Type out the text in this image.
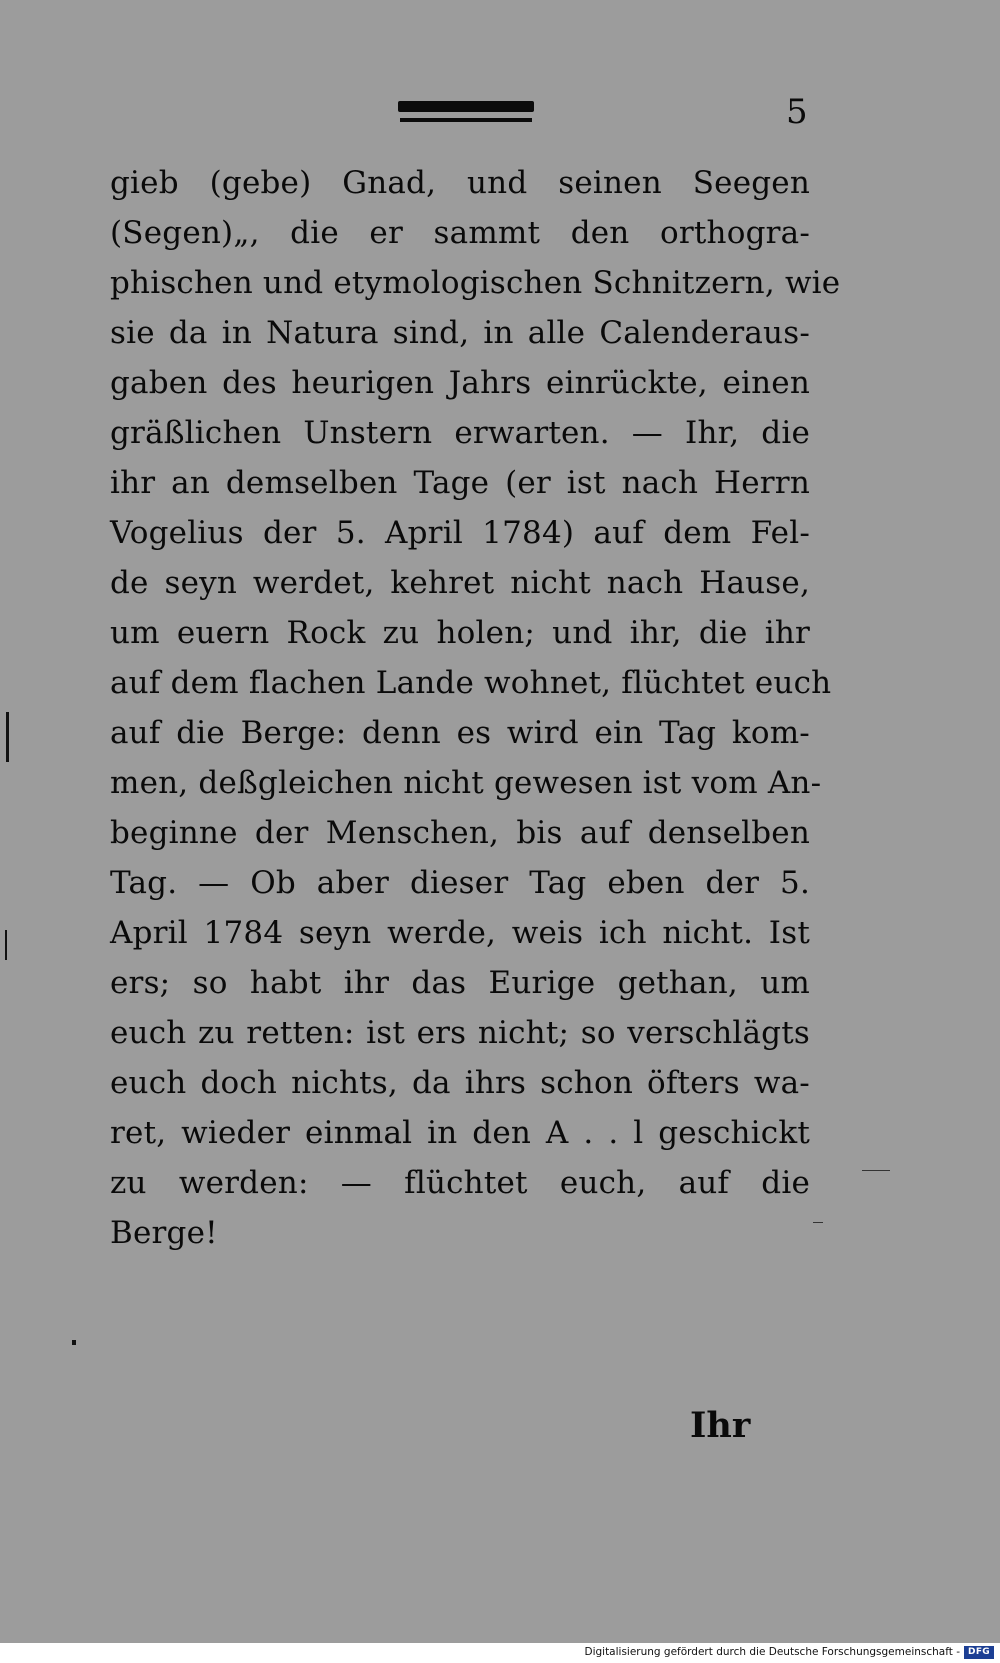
5
gieb (gebe) Gnad, und seinen Seegen
(Segen)„, die er sammt den orthogra-
phischen und etymologischen Schnitzern, wie
sie da in Natura sind, in alle Calenderaus-
gaben des heurigen Jahrs einrückte, einen
gräßlichen Unstern erwarten. — Ihr, die
ihr an demselben Tage (er ist nach Herrn
Vogelius der 5. April 1784) auf dem Fel-
de seyn werdet, kehret nicht nach Hause,
um euern Rock zu holen; und ihr, die ihr
auf dem flachen Lande wohnet, flüchtet euch
auf die Berge: denn es wird ein Tag kom-
men, deßgleichen nicht gewesen ist vom An-
beginne der Menschen, bis auf denselben
Tag. — Ob aber dieser Tag eben der 5.
April 1784 seyn werde, weis ich nicht. Ist
ers; so habt ihr das Eurige gethan, um
euch zu retten: ist ers nicht; so verschlägts
euch doch nichts, da ihrs schon öfters wa-
ret, wieder einmal in den A . . l geschickt
zu werden: — flüchtet euch, auf die
Berge!
Ihr
Digitalisierung gefördert durch die Deutsche Forschungsgemeinschaft - DFG
